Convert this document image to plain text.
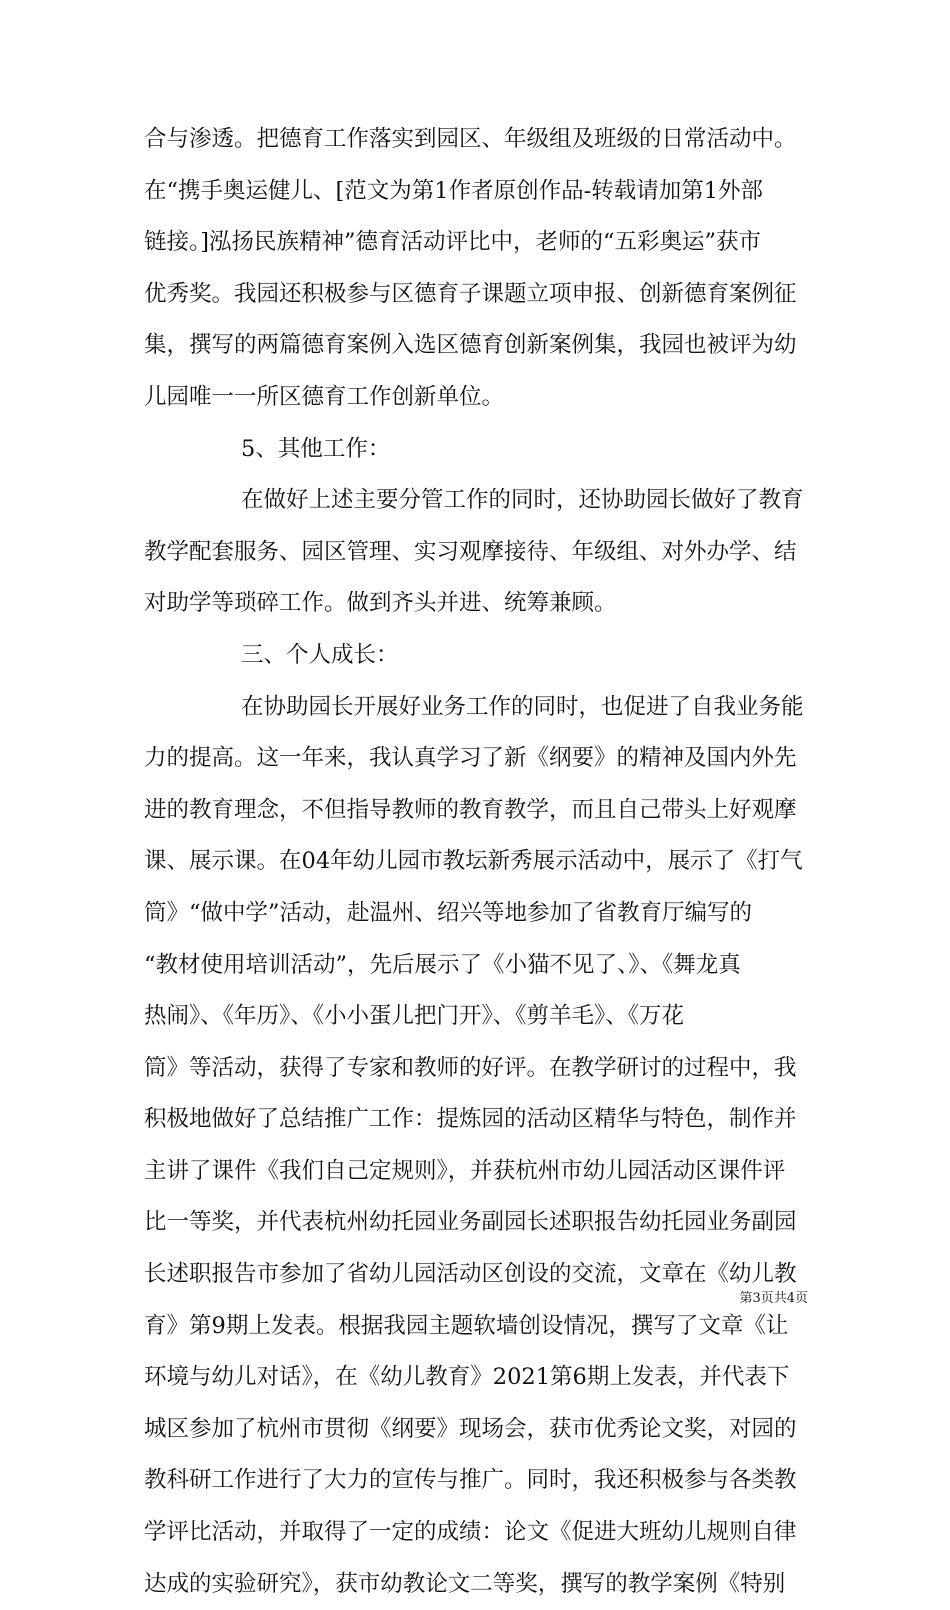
合与渗透。把德育工作落实到园区、年级组及班级的日常活动中。
在“携手奥运健儿、[范文为第1作者原创作品-转载请加第1外部
链接。]泓扬民族精神”德育活动评比中，老师的“五彩奥运”获市
优秀奖。我园还积极参与区德育子课题立项申报、创新德育案例征
集，撰写的两篇德育案例入选区德育创新案例集，我园也被评为幼
儿园唯一一所区德育工作创新单位。
5、其他工作：
在做好上述主要分管工作的同时，还协助园长做好了教育
教学配套服务、园区管理、实习观摩接待、年级组、对外办学、结
对助学等琐碎工作。做到齐头并进、统筹兼顾。
三、个人成长：
在协助园长开展好业务工作的同时，也促进了自我业务能
力的提高。这一年来，我认真学习了新《纲要》的精神及国内外先
进的教育理念，不但指导教师的教育教学，而且自己带头上好观摩
课、展示课。在04年幼儿园市教坛新秀展示活动中，展示了《打气
筒》“做中学”活动，赴温州、绍兴等地参加了省教育厅编写的
“教材使用培训活动”，先后展示了《小猫不见了、》、《舞龙真
热闹》、《年历》、《小小蛋儿把门开》、《剪羊毛》、《万花
筒》等活动，获得了专家和教师的好评。在教学研讨的过程中，我
积极地做好了总结推广工作：提炼园的活动区精华与特色，制作并
主讲了课件《我们自己定规则》，并获杭州市幼儿园活动区课件评
比一等奖，并代表杭州幼托园业务副园长述职报告幼托园业务副园
长述职报告市参加了省幼儿园活动区创设的交流，文章在《幼儿教
育》第9期上发表。根据我园主题软墙创设情况，撰写了文章《让
环境与幼儿对话》，在《幼儿教育》2021第6期上发表，并代表下
城区参加了杭州市贯彻《纲要》现场会，获市优秀论文奖，对园的
教科研工作进行了大力的宣传与推广。同时，我还积极参与各类教
学评比活动，并取得了一定的成绩：论文《促进大班幼儿规则自律
达成的实验研究》，获市幼教论文二等奖，撰写的教学案例《特别
第3页共4页
